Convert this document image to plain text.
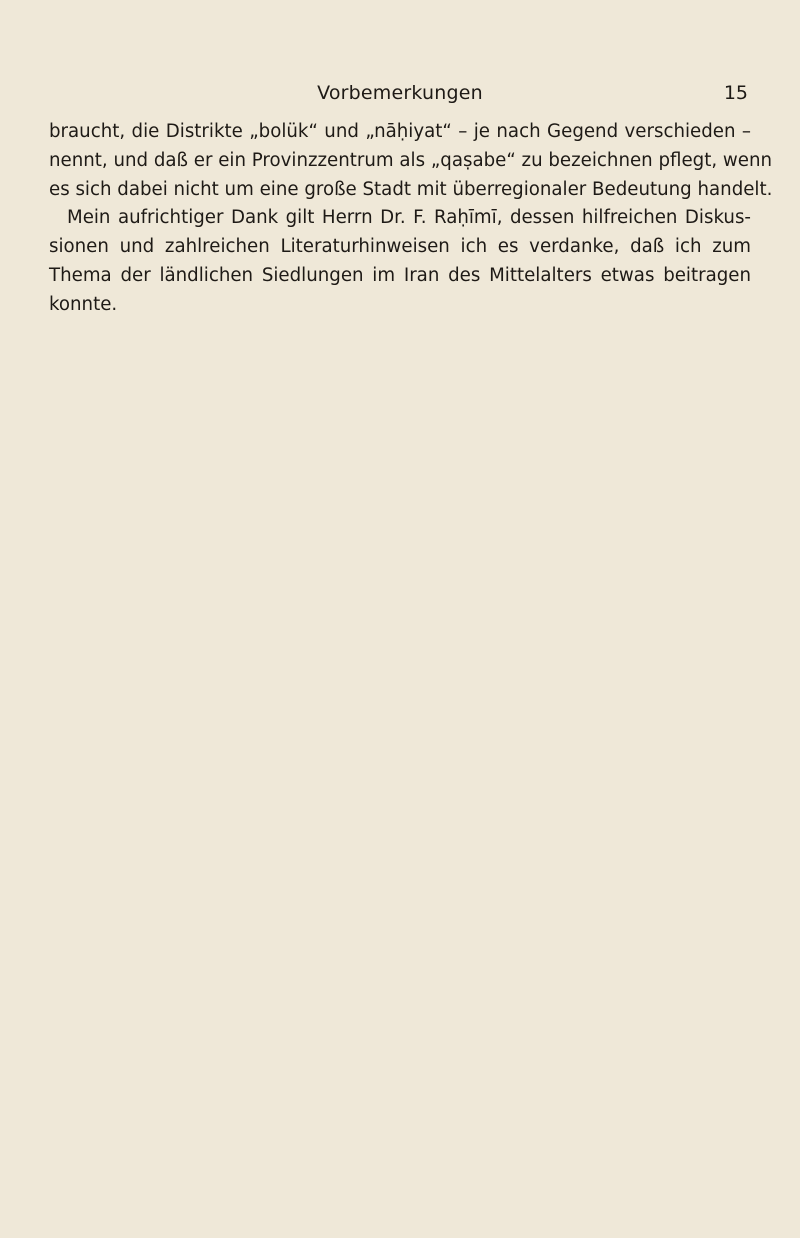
Vorbemerkungen	15
braucht, die Distrikte „bolük“ und „nāḥiyat“ – je nach Gegend verschieden –
nennt, und daß er ein Provinzzentrum als „qaṣabe“ zu bezeichnen pflegt, wenn
es sich dabei nicht um eine große Stadt mit überregionaler Bedeutung handelt.
Mein aufrichtiger Dank gilt Herrn Dr. F. Raḥīmī, dessen hilfreichen Diskus-
sionen und zahlreichen Literaturhinweisen ich es verdanke, daß ich zum
Thema der ländlichen Siedlungen im Iran des Mittelalters etwas beitragen
konnte.
